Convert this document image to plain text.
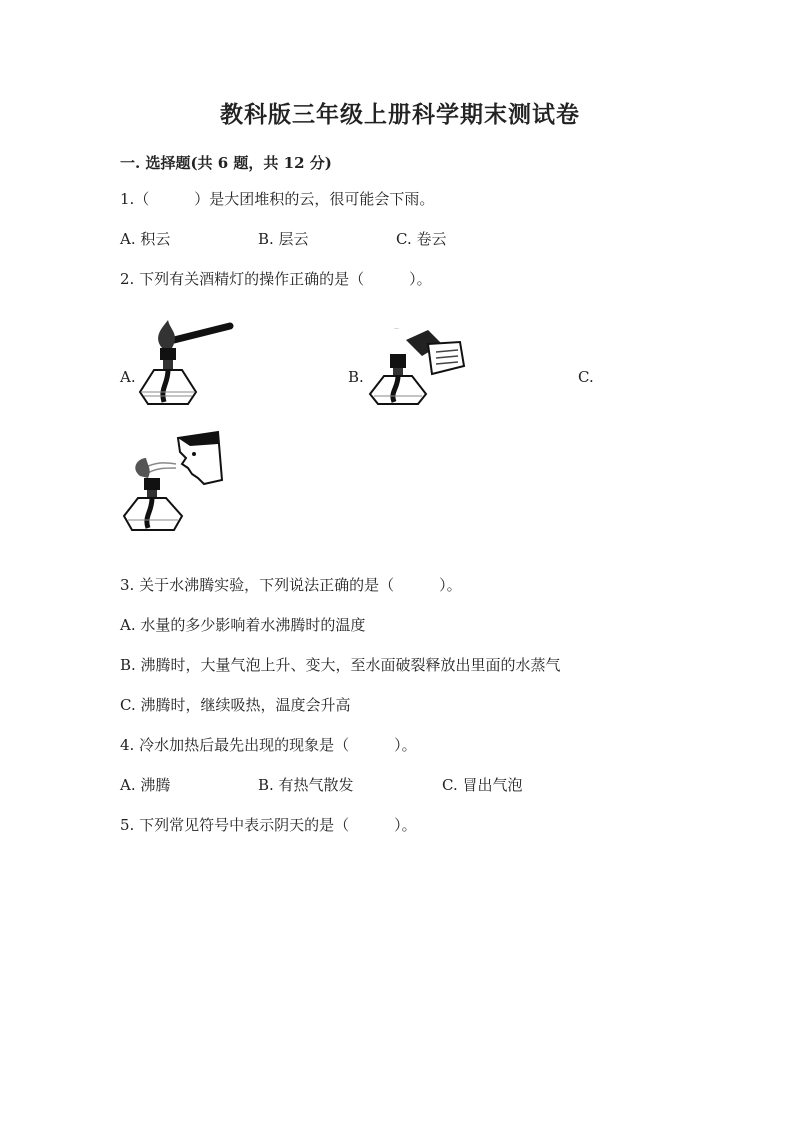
教科版三年级上册科学期末测试卷
一. 选择题(共 6 题，共 12 分)
1.（　　　）是大团堆积的云，很可能会下雨。
A. 积云	B. 层云	C. 卷云
2. 下列有关酒精灯的操作正确的是（　　　）。
A.	B.
—
C.
3. 关于水沸腾实验，下列说法正确的是（　　　）。
A. 水量的多少影响着水沸腾时的温度
B. 沸腾时，大量气泡上升、变大，至水面破裂释放出里面的水蒸气
C. 沸腾时，继续吸热，温度会升高
4. 冷水加热后最先出现的现象是（　　　）。
A. 沸腾	B. 有热气散发	C. 冒出气泡
5. 下列常见符号中表示阴天的是（　　　）。
